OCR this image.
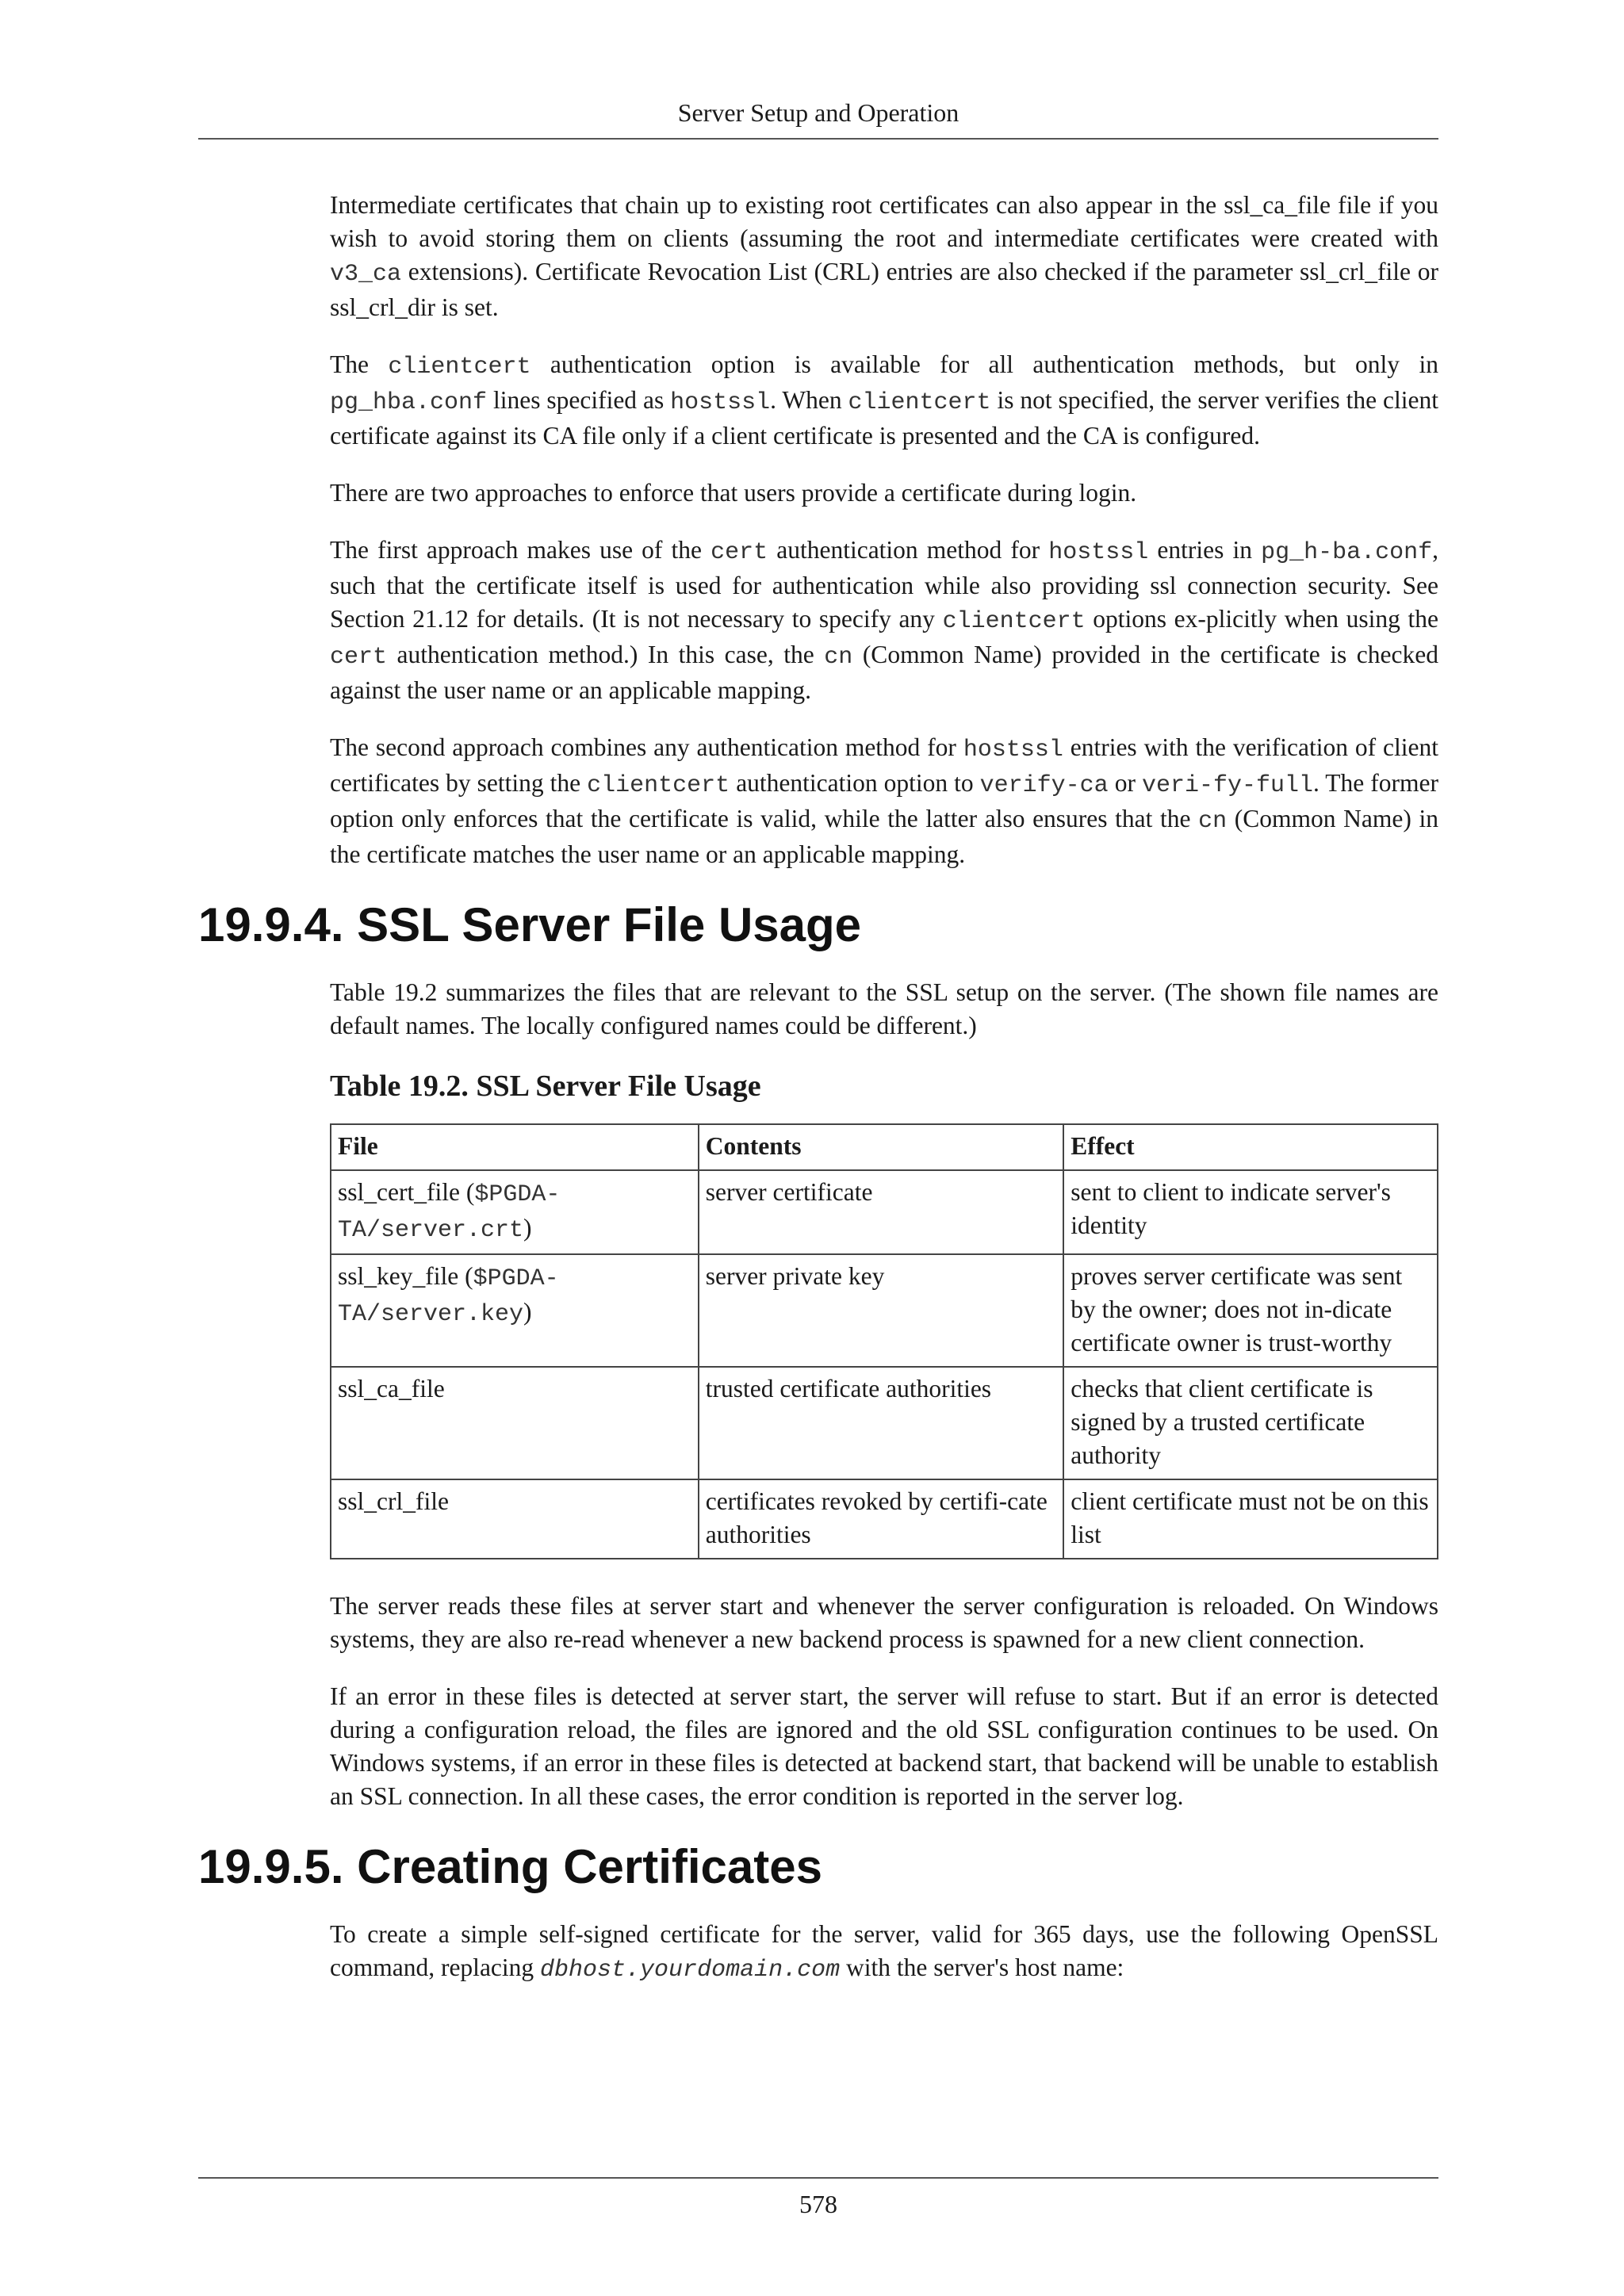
Server Setup and Operation

Intermediate certificates that chain up to existing root certificates can also appear in the ssl_ca_file file if you wish to avoid storing them on clients (assuming the root and intermediate certificates were created with v3_ca extensions). Certificate Revocation List (CRL) entries are also checked if the parameter ssl_crl_file or ssl_crl_dir is set.

The clientcert authentication option is available for all authentication methods, but only in pg_hba.conf lines specified as hostssl. When clientcert is not specified, the server verifies the client certificate against its CA file only if a client certificate is presented and the CA is configured.

There are two approaches to enforce that users provide a certificate during login.

The first approach makes use of the cert authentication method for hostssl entries in pg_h-ba.conf, such that the certificate itself is used for authentication while also providing ssl connection security. See Section 21.12 for details. (It is not necessary to specify any clientcert options ex-plicitly when using the cert authentication method.) In this case, the cn (Common Name) provided in the certificate is checked against the user name or an applicable mapping.

The second approach combines any authentication method for hostssl entries with the verification of client certificates by setting the clientcert authentication option to verify-ca or veri-fy-full. The former option only enforces that the certificate is valid, while the latter also ensures that the cn (Common Name) in the certificate matches the user name or an applicable mapping.

19.9.4. SSL Server File Usage

Table 19.2 summarizes the files that are relevant to the SSL setup on the server. (The shown file names are default names. The locally configured names could be different.)

Table 19.2. SSL Server File Usage
File	Contents	Effect
ssl_cert_file ($PGDA-TA/server.crt)	server certificate	sent to client to indicate server's identity
ssl_key_file ($PGDA-TA/server.key)	server private key	proves server certificate was sent by the owner; does not in-dicate certificate owner is trust-worthy
ssl_ca_file	trusted certificate authorities	checks that client certificate is signed by a trusted certificate authority
ssl_crl_file	certificates revoked by certifi-cate authorities	client certificate must not be on this list

The server reads these files at server start and whenever the server configuration is reloaded. On Windows systems, they are also re-read whenever a new backend process is spawned for a new client connection.

If an error in these files is detected at server start, the server will refuse to start. But if an error is detected during a configuration reload, the files are ignored and the old SSL configuration continues to be used. On Windows systems, if an error in these files is detected at backend start, that backend will be unable to establish an SSL connection. In all these cases, the error condition is reported in the server log.

19.9.5. Creating Certificates

To create a simple self-signed certificate for the server, valid for 365 days, use the following OpenSSL command, replacing dbhost.yourdomain.com with the server's host name:

578
